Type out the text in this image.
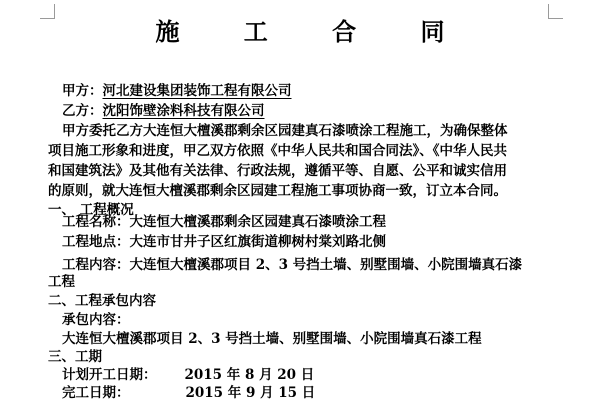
施 工 合 同
甲方：河北建设集团装饰工程有限公司
乙方：沈阳饰壁涂料科技有限公司
甲方委托乙方大连恒大檀溪郡剩余区园建真石漆喷涂工程施工，为确保整体
项目施工形象和进度，甲乙双方依照《中华人民共和国合同法》、《中华人民共
和国建筑法》及其他有关法律、行政法规，遵循平等、自愿、公平和诚实信用
的原则，就大连恒大檀溪郡剩余区园建工程施工事项协商一致，订立本合同。
一、 工程概况
工程名称：大连恒大檀溪郡剩余区园建真石漆喷涂工程
工程地点：大连市甘井子区红旗街道柳树村棠刘路北侧
工程内容：大连恒大檀溪郡项目 2、3 号挡土墙、别墅围墙、小院围墙真石漆
工程
二、工程承包内容
承包内容：
大连恒大檀溪郡项目 2、3 号挡土墙、别墅围墙、小院围墙真石漆工程
三、工期
计划开工日期： 2015 年 8 月 20 日
完工日期：	2015 年 9 月 15 日
